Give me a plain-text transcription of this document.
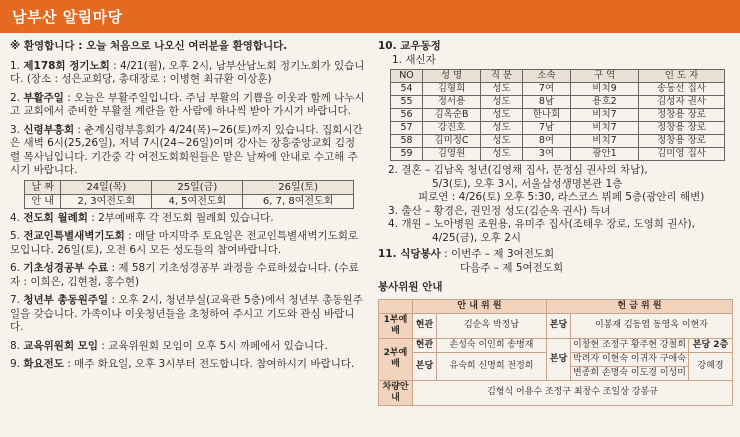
남부산 알림마당
※ 환영합니다 : 오늘 처음으로 나오신 여러분을 환영합니다.
1. 제178회 정기노회 : 4/21(월), 오후 2시, 남부산남노회 정기노회가 있습니다. (장소 : 성은교회당, 총대장로 : 이병현 최규환 이상훈)
2. 부활주일 : 오늘은 부활주일입니다. 주님 부활의 기쁨을 이웃과 함께 나누시고 교회에서 준비한 부활절 계란을 한 사람에 하나씩 받아 가시기 바랍니다.
3. 신령부흥회 : 춘계심령부흥회가 4/24(목)~26(토)까지 있습니다. 집회시간은 새벽 6시(25,26일), 저녁 7시(24~26일)이며 강사는 장흥중앙교회 김정렬 목사님입니다. 기간중 각 여전도회회원들은 맡은 날짜에 안내로 수고해 주시기 바랍니다.
날 짜	24일(목)	25일(금)	26일(토)
안 내	2, 3여전도회	4, 5여전도회	6, 7, 8여전도회
4. 전도회 월례회 : 2부예배후 각 전도회 월례회 있습니다.
5. 전교인특별새벽기도회 : 매달 마지막주 토요일은 전교인특별새벽기도회로 모입니다. 26일(토), 오전 6시 모든 성도들의 참여바랍니다.
6. 기초성경공부 수료 : 제 58기 기초성경공부 과정을 수료하셨습니다. (수료자 : 이희은, 김현철, 홍수현)
7. 청년부 총동원주일 : 오후 2시, 청년부실(교육관 5층)에서 청년부 총동원주일을 갖습니다. 가족이나 이웃청년들을 초청하여 주시고 기도와 관심 바랍니다.
8. 교육위원회 모임 : 교육위원회 모임이 오후 5시 까페에서 있습니다.
9. 화요전도 : 매주 화요일, 오후 3시부터 전도합니다. 참여하시기 바랍니다.
10. 교우동정
1. 새신자
NO	성 명	직 분	소속	구 역	인 도 자
54	김형희	성도	7여	비치9	송동선 집사
55	정서용	성도	8남	용호2	김성자 권사
56	김옥순B	성도	한나회	비치7	정창용 장로
57	강진호	성도	7남	비치7	정창용 장로
58	김미정C	성도	8여	비치7	정창용 장로
59	김영원	성도	3여	광안1	김미영 집사
2. 결혼 – 김남옥 청년(김영채 집사, 문정심 권사의 차남),
5/3(토), 오후 3시, 서울삼성생명본관 1층
피로연 : 4/26(토) 오후 5:30, 라스코스 뷔페 5층(광안리 해변)
3. 출산 – 황경은, 권민정 성도(김순옥 권사) 득녀
4. 개원 – 노아병원 조원용, 유미주 집사(조태우 장로, 도영희 권사),
4/25(금), 오후 2시
11. 식당봉사 : 이번주 – 제 3여전도회
다음주 – 제 5여전도회
봉사위원 안내
	안 내 위 원		헌 금 위 원		
1부예배	현관	김순옥 박정남	본당	이봉재 김동엽 동영옥 이현자	
2부예배	현관	손성숙 이인희 송병재	본당	이창현 조정구 황주현 강철희	본당 2층
	본당	유숙희 신명희 전정희		박려자 이현숙 이귀자 구애숙	강혜경
				변종희 손명숙 이도경 이성미	
차량안내	김형식 어용수 조정구 최창수 조일상 강봉규				
